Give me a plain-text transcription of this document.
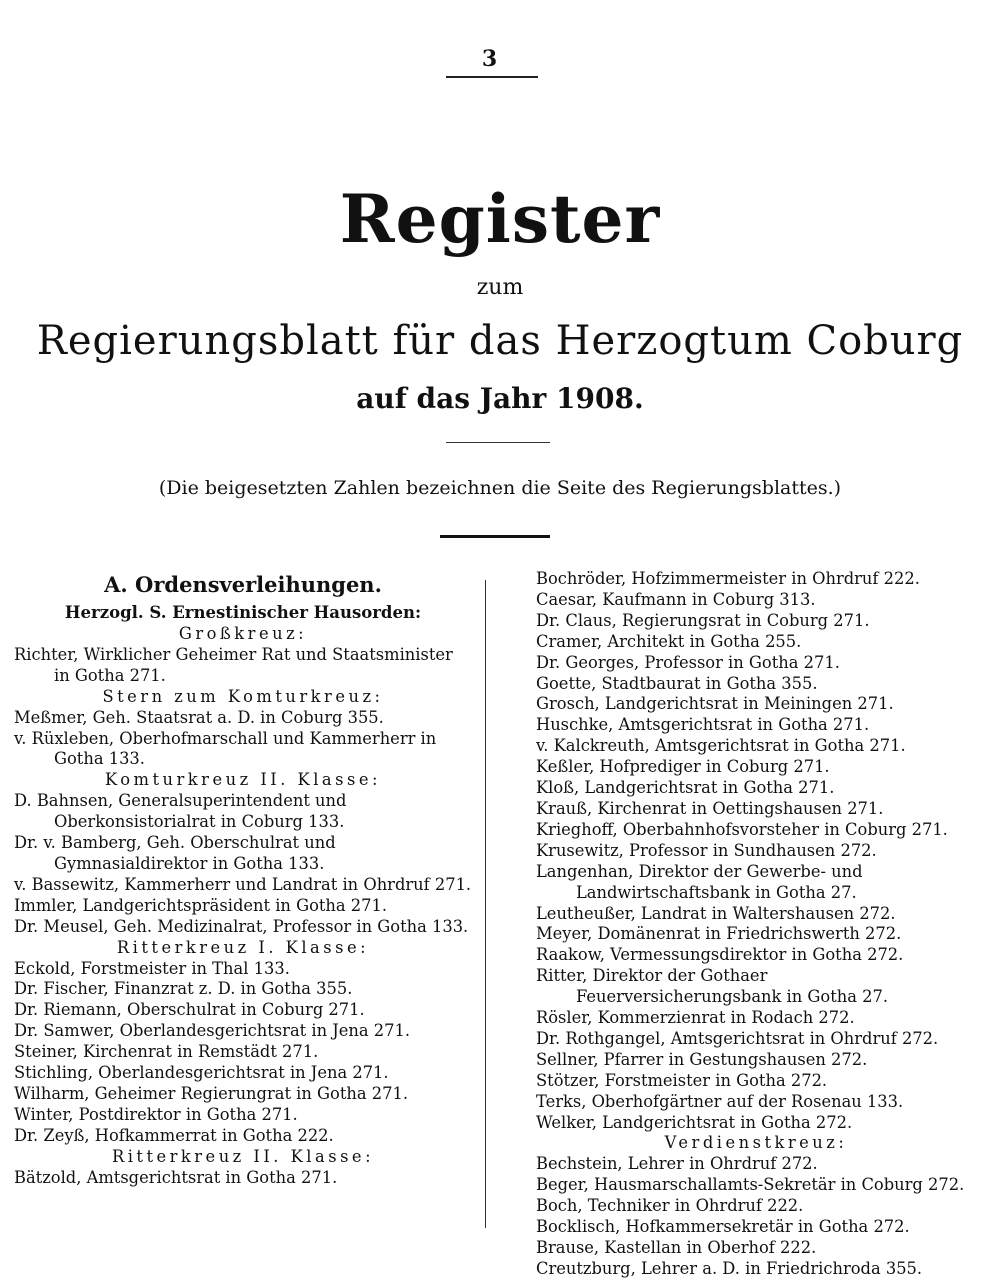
3
Register
zum
Regierungsblatt für das Herzogtum Coburg
auf das Jahr 1908.
(Die beigesetzten Zahlen bezeichnen die Seite des Regierungsblattes.)
A. Ordensverleihungen.
Herzogl. S. Ernestinischer Hausorden:
Großkreuz:
Richter, Wirklicher Geheimer Rat und Staatsminister in Gotha 271.
Stern zum Komturkreuz:
Meßmer, Geh. Staatsrat a. D. in Coburg 355.
v. Rüxleben, Oberhofmarschall und Kammerherr in Gotha 133.
Komturkreuz II. Klasse:
D. Bahnsen, Generalsuperintendent und Oberkonsistorialrat in Coburg 133.
Dr. v. Bamberg, Geh. Oberschulrat und Gymnasialdirektor in Gotha 133.
v. Bassewitz, Kammerherr und Landrat in Ohrdruf 271.
Immler, Landgerichtspräsident in Gotha 271.
Dr. Meusel, Geh. Medizinalrat, Professor in Gotha 133.
Ritterkreuz I. Klasse:
Eckold, Forstmeister in Thal 133.
Dr. Fischer, Finanzrat z. D. in Gotha 355.
Dr. Riemann, Oberschulrat in Coburg 271.
Dr. Samwer, Oberlandesgerichtsrat in Jena 271.
Steiner, Kirchenrat in Remstädt 271.
Stichling, Oberlandesgerichtsrat in Jena 271.
Wilharm, Geheimer Regierungrat in Gotha 271.
Winter, Postdirektor in Gotha 271.
Dr. Zeyß, Hofkammerrat in Gotha 222.
Ritterkreuz II. Klasse:
Bätzold, Amtsgerichtsrat in Gotha 271.
Bochröder, Hofzimmermeister in Ohrdruf 222.
Caesar, Kaufmann in Coburg 313.
Dr. Claus, Regierungsrat in Coburg 271.
Cramer, Architekt in Gotha 255.
Dr. Georges, Professor in Gotha 271.
Goette, Stadtbaurat in Gotha 355.
Grosch, Landgerichtsrat in Meiningen 271.
Huschke, Amtsgerichtsrat in Gotha 271.
v. Kalckreuth, Amtsgerichtsrat in Gotha 271.
Keßler, Hofprediger in Coburg 271.
Kloß, Landgerichtsrat in Gotha 271.
Krauß, Kirchenrat in Oettingshausen 271.
Krieghoff, Oberbahnhofsvorsteher in Coburg 271.
Krusewitz, Professor in Sundhausen 272.
Langenhan, Direktor der Gewerbe- und Landwirtschaftsbank in Gotha 27.
Leutheußer, Landrat in Waltershausen 272.
Meyer, Domänenrat in Friedrichswerth 272.
Raakow, Vermessungsdirektor in Gotha 272.
Ritter, Direktor der Gothaer Feuerversicherungsbank in Gotha 27.
Rösler, Kommerzienrat in Rodach 272.
Dr. Rothgangel, Amtsgerichtsrat in Ohrdruf 272.
Sellner, Pfarrer in Gestungshausen 272.
Stötzer, Forstmeister in Gotha 272.
Terks, Oberhofgärtner auf der Rosenau 133.
Welker, Landgerichtsrat in Gotha 272.
Verdienstkreuz:
Bechstein, Lehrer in Ohrdruf 272.
Beger, Hausmarschallamts-Sekretär in Coburg 272.
Boch, Techniker in Ohrdruf 222.
Bocklisch, Hofkammersekretär in Gotha 272.
Brause, Kastellan in Oberhof 222.
Creutzburg, Lehrer a. D. in Friedrichroda 355.
